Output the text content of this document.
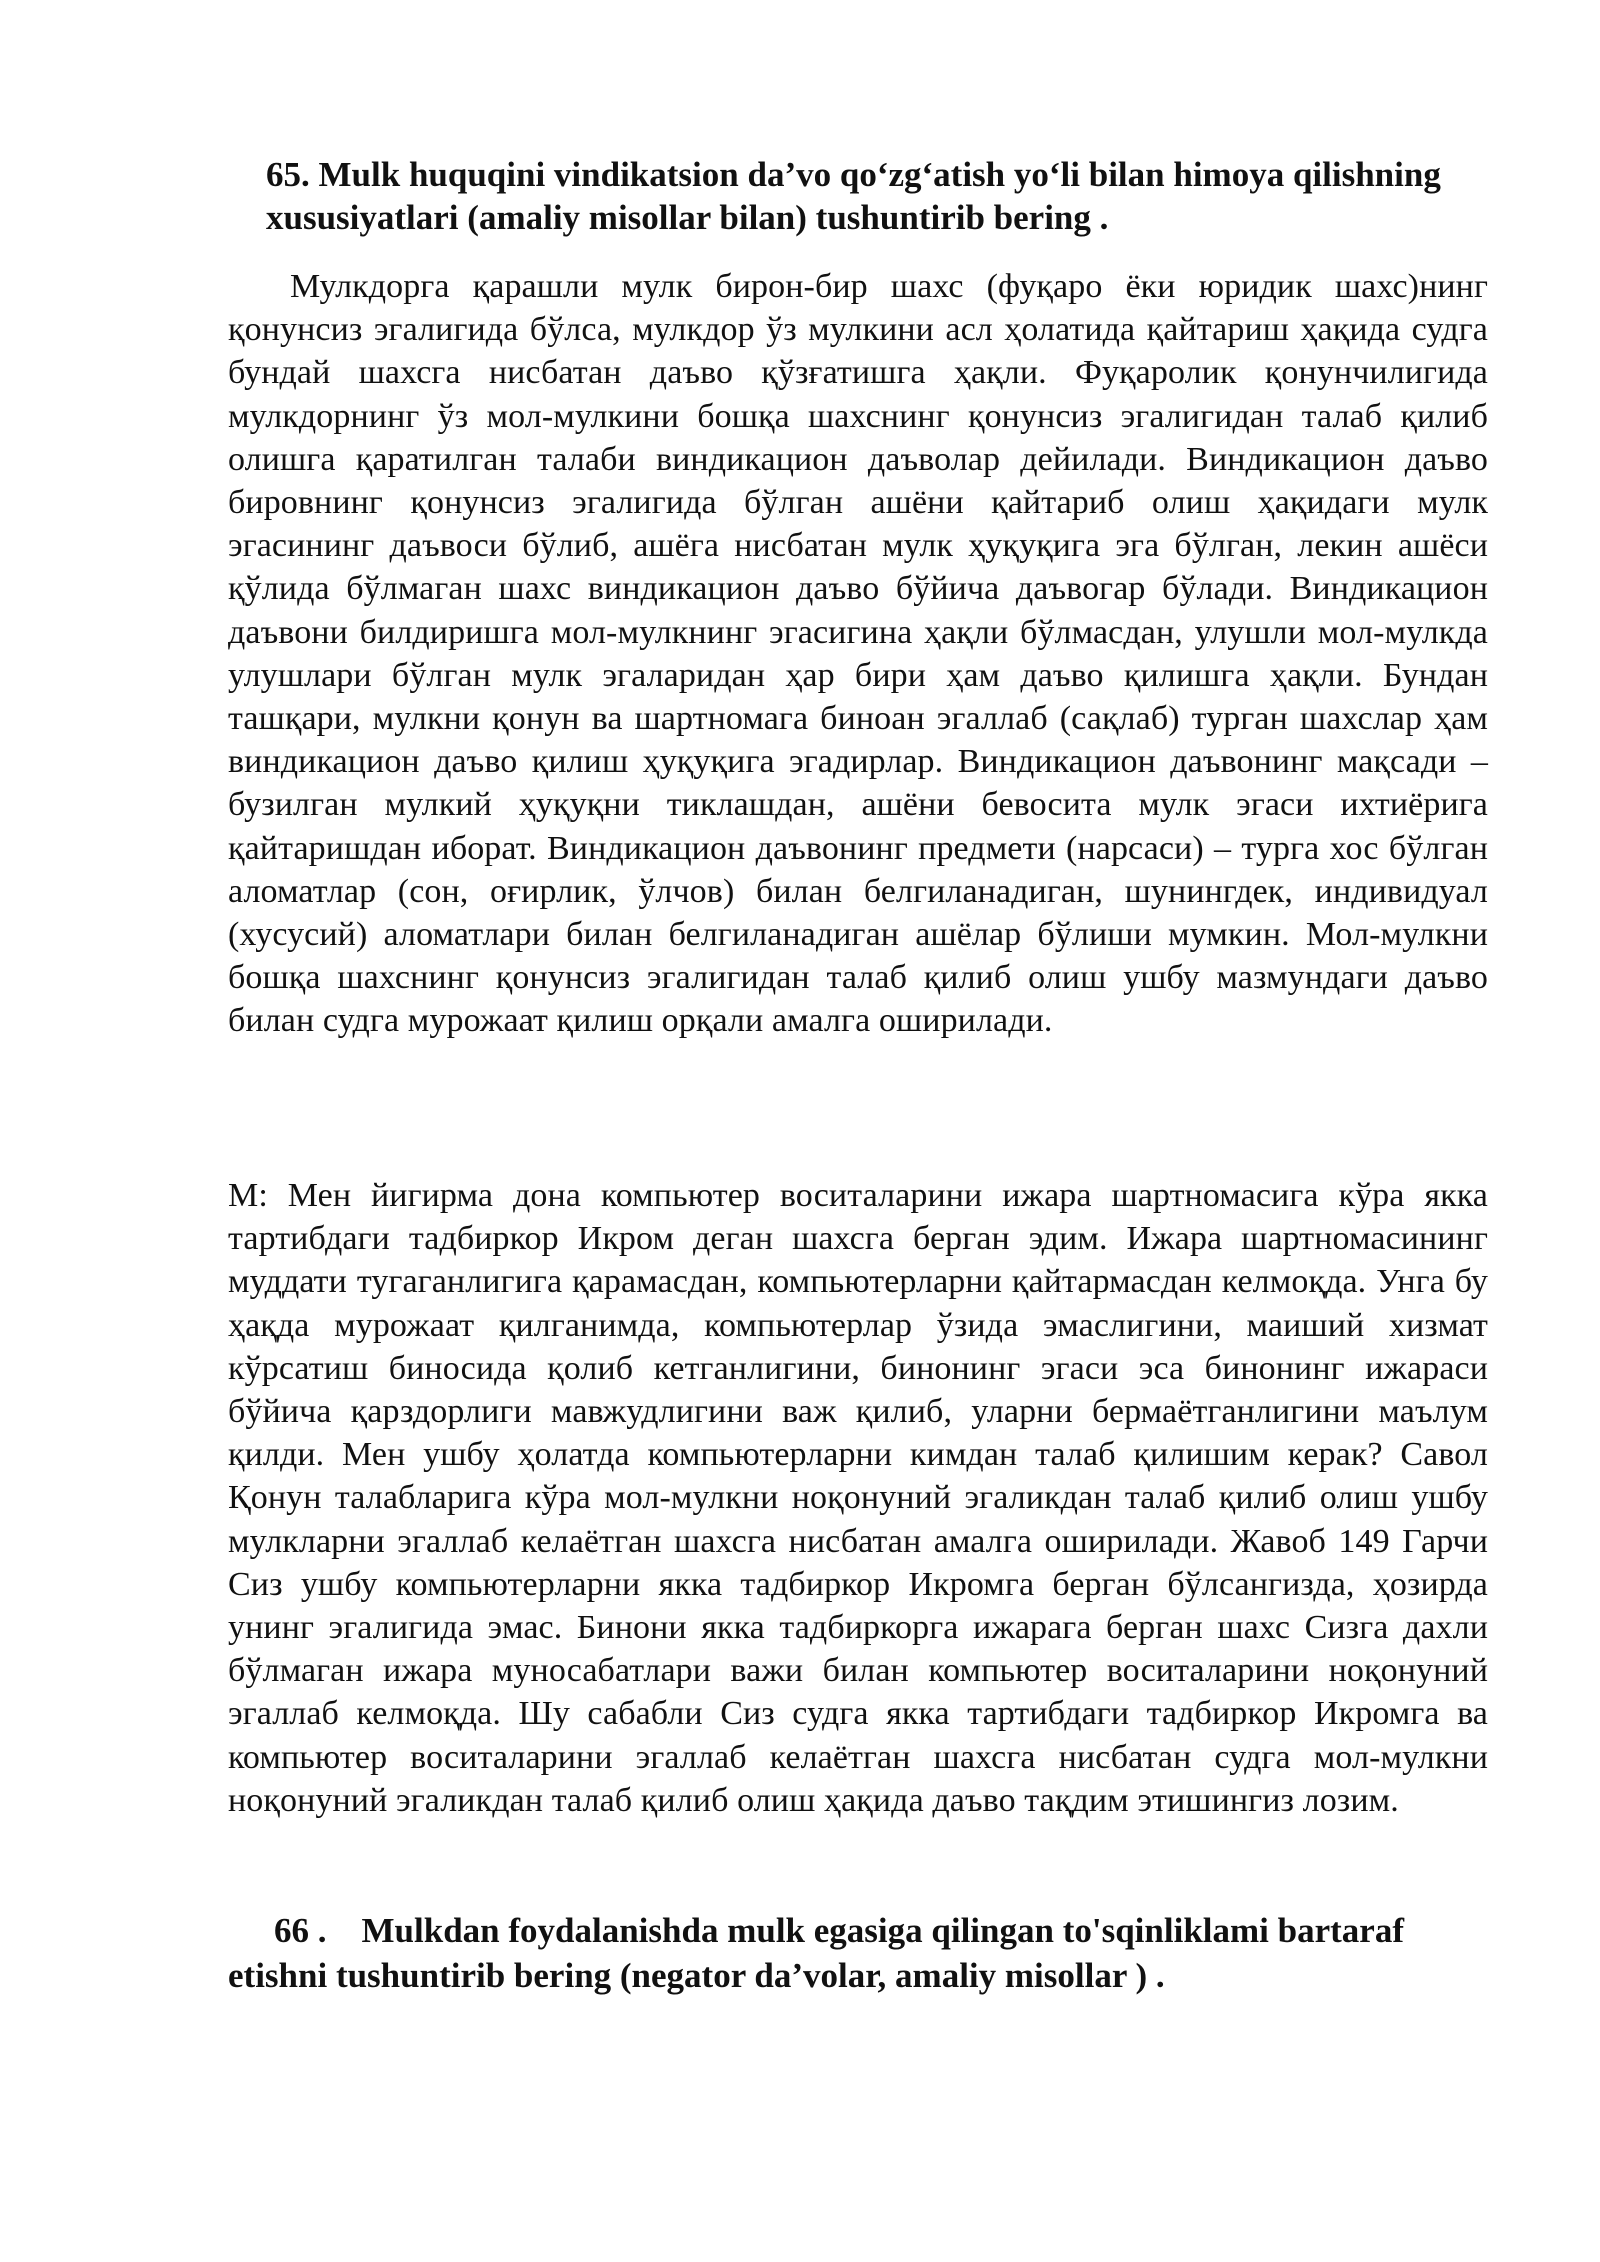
65. Mulk huquqini vindikatsion da’vo qo‘zg‘atish yo‘li bilan himoya qilishning xususiyatlari (amaliy misollar bilan) tushuntirib bering .

Мулкдорга қарашли мулк бирон-бир шахс (фуқаро ёки юридик шахс)нинг қонунсиз эгалигида бўлса, мулкдор ўз мулкини асл ҳолатида қайтариш ҳақида судга бундай шахсга нисбатан даъво қўзғатишга ҳақли. Фуқаролик қонунчилигида мулкдорнинг ўз мол-мулкини бошқа шахснинг қонунсиз эгалигидан талаб қилиб олишга қаратилган талаби виндикацион даъволар дейилади. Виндикацион даъво бировнинг қонунсиз эгалигида бўлган ашёни қайтариб олиш ҳақидаги мулк эгасининг даъвоси бўлиб, ашёга нисбатан мулк ҳуқуқига эга бўлган, лекин ашёси қўлида бўлмаган шахс виндикацион даъво бўйича даъвогар бўлади. Виндикацион даъвони билдиришга мол-мулкнинг эгасигина ҳақли бўлмасдан, улушли мол-мулкда улушлари бўлган мулк эгаларидан ҳар бири ҳам даъво қилишга ҳақли. Бундан ташқари, мулкни қонун ва шартномага биноан эгаллаб (сақлаб) турган шахслар ҳам виндикацион даъво қилиш ҳуқуқига эгадирлар. Виндикацион даъвонинг мақсади – бузилган мулкий ҳуқуқни тиклашдан, ашёни бевосита мулк эгаси ихтиёрига қайтаришдан иборат. Виндикацион даъвонинг предмети (нарсаси) – турга хос бўлган аломатлар (сон, оғирлик, ўлчов) билан белгиланадиган, шунингдек, индивидуал (хусусий) аломатлари билан белгиланадиган ашёлар бўлиши мумкин. Мол-мулкни бошқа шахснинг қонунсиз эгалигидан талаб қилиб олиш ушбу мазмундаги даъво билан судга мурожаат қилиш орқали амалга оширилади.

М: Мен йигирма дона компьютер воситаларини ижара шартномасига кўра якка тартибдаги тадбиркор Икром деган шахсга берган эдим. Ижара шартномасининг муддати тугаганлигига қарамасдан, компьютерларни қайтармасдан келмоқда. Унга бу ҳақда мурожаат қилганимда, компьютерлар ўзида эмаслигини, маиший хизмат кўрсатиш биносида қолиб кетганлигини, бинонинг эгаси эса бинонинг ижараси бўйича қарздорлиги мавжудлигини важ қилиб, уларни бермаётганлигини маълум қилди. Мен ушбу ҳолатда компьютерларни кимдан талаб қилишим керак? Савол Қонун талабларига кўра мол-мулкни ноқонуний эгаликдан талаб қилиб олиш ушбу мулкларни эгаллаб келаётган шахсга нисбатан амалга оширилади. Жавоб 149 Гарчи Сиз ушбу компьютерларни якка тадбиркор Икромга берган бўлсангизда, ҳозирда унинг эгалигида эмас. Бинони якка тадбиркорга ижарага берган шахс Сизга дахли бўлмаган ижара муносабатлари важи билан компьютер воситаларини ноқонуний эгаллаб келмоқда. Шу сабабли Сиз судга якка тартибдаги тадбиркор Икромга ва компьютер воситаларини эгаллаб келаётган шахсга нисбатан судга мол-мулкни ноқонуний эгаликдан талаб қилиб олиш ҳақида даъво тақдим этишингиз лозим.

66 . Mulkdan foydalanishda mulk egasiga qilingan to'sqinliklami bartaraf etishni tushuntirib bering (negator da’volar, amaliy misollar ) .
